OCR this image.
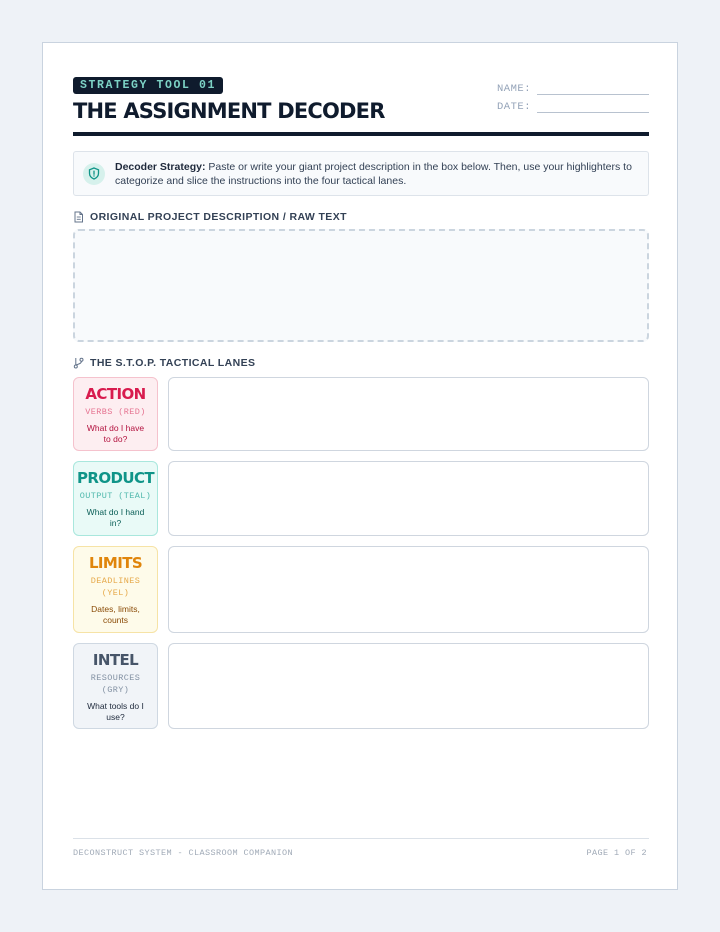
STRATEGY TOOL 01
THE ASSIGNMENT DECODER
NAME:
DATE:
Decoder Strategy: Paste or write your giant project description in the box below. Then, use your highlighters to categorize and slice the instructions into the four tactical lanes.
ORIGINAL PROJECT DESCRIPTION / RAW TEXT
THE S.T.O.P. TACTICAL LANES
ACTION
VERBS (RED)
What do I have to do?
PRODUCT
OUTPUT (TEAL)
What do I hand in?
LIMITS
DEADLINES (YEL)
Dates, limits, counts
INTEL
RESOURCES (GRY)
What tools do I use?
DECONSTRUCT SYSTEM - CLASSROOM COMPANION	PAGE 1 OF 2
